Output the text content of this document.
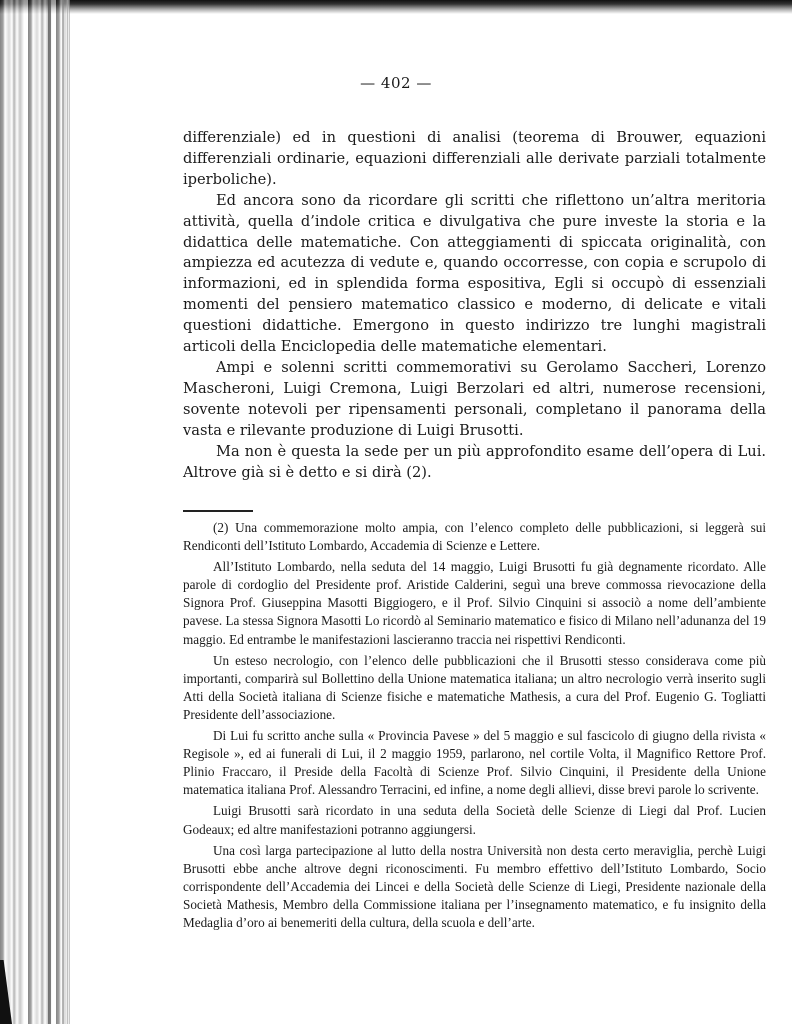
— 402 —

differenziale) ed in questioni di analisi (teorema di Brouwer, equazioni differenziali ordinarie, equazioni differenziali alle derivate parziali totalmente iperboliche).

Ed ancora sono da ricordare gli scritti che riflettono un’altra meritoria attività, quella d’indole critica e divulgativa che pure investe la storia e la didattica delle matematiche. Con atteggiamenti di spiccata originalità, con ampiezza ed acutezza di vedute e, quando occorresse, con copia e scrupolo di informazioni, ed in splendida forma espositiva, Egli si occupò di essenziali momenti del pensiero matematico classico e moderno, di delicate e vitali questioni didattiche. Emergono in questo indirizzo tre lunghi magistrali articoli della Enciclopedia delle matematiche elementari.

Ampi e solenni scritti commemorativi su Gerolamo Saccheri, Lorenzo Mascheroni, Luigi Cremona, Luigi Berzolari ed altri, numerose recensioni, sovente notevoli per ripensamenti personali, completano il panorama della vasta e rilevante produzione di Luigi Brusotti.

Ma non è questa la sede per un più approfondito esame dell’opera di Lui. Altrove già si è detto e si dirà (2).

(2) Una commemorazione molto ampia, con l’elenco completo delle pubblicazioni, si leggerà sui Rendiconti dell’Istituto Lombardo, Accademia di Scienze e Lettere.

All’Istituto Lombardo, nella seduta del 14 maggio, Luigi Brusotti fu già degnamente ricordato. Alle parole di cordoglio del Presidente prof. Aristide Calderini, seguì una breve commossa rievocazione della Signora Prof. Giuseppina Masotti Biggiogero, e il Prof. Silvio Cinquini si associò a nome dell’ambiente pavese. La stessa Signora Masotti Lo ricordò al Seminario matematico e fisico di Milano nell’adunanza del 19 maggio. Ed entrambe le manifestazioni lascieranno traccia nei rispettivi Rendiconti.

Un esteso necrologio, con l’elenco delle pubblicazioni che il Brusotti stesso considerava come più importanti, comparirà sul Bollettino della Unione matematica italiana; un altro necrologio verrà inserito sugli Atti della Società italiana di Scienze fisiche e matematiche Mathesis, a cura del Prof. Eugenio G. Togliatti Presidente dell’associazione.

Di Lui fu scritto anche sulla « Provincia Pavese » del 5 maggio e sul fascicolo di giugno della rivista « Regisole », ed ai funerali di Lui, il 2 maggio 1959, parlarono, nel cortile Volta, il Magnifico Rettore Prof. Plinio Fraccaro, il Preside della Facoltà di Scienze Prof. Silvio Cinquini, il Presidente della Unione matematica italiana Prof. Alessandro Terracini, ed infine, a nome degli allievi, disse brevi parole lo scrivente.

Luigi Brusotti sarà ricordato in una seduta della Società delle Scienze di Liegi dal Prof. Lucien Godeaux; ed altre manifestazioni potranno aggiungersi.

Una così larga partecipazione al lutto della nostra Università non desta certo meraviglia, perchè Luigi Brusotti ebbe anche altrove degni riconoscimenti. Fu membro effettivo dell’Istituto Lombardo, Socio corrispondente dell’Accademia dei Lincei e della Società delle Scienze di Liegi, Presidente nazionale della Società Mathesis, Membro della Commissione italiana per l’insegnamento matematico, e fu insignito della Medaglia d’oro ai benemeriti della cultura, della scuola e dell’arte.
